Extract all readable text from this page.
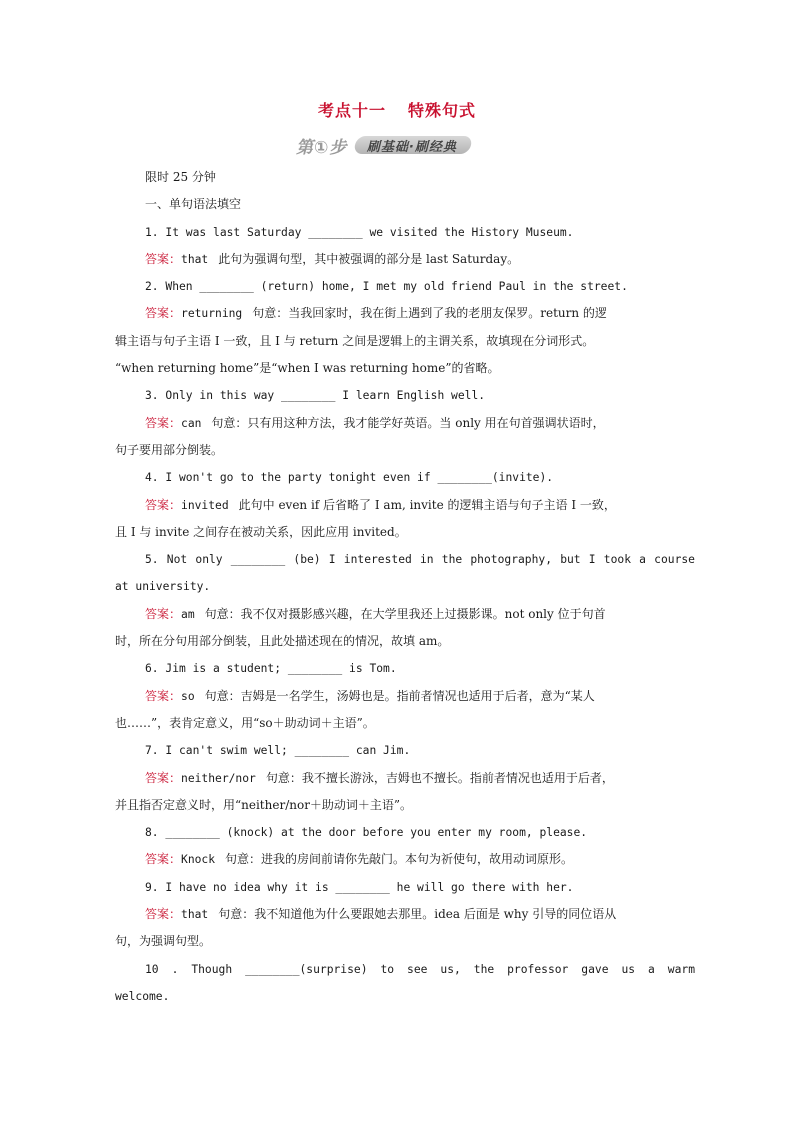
考点十一 特殊句式
第①步 刷基础·刷经典

限时 25 分钟

一、单句语法填空

1. It was last Saturday ________ we visited the History Museum.

答案：that 此句为强调句型，其中被强调的部分是 last Saturday。

2. When ________ (return) home, I met my old friend Paul in the street.

答案：returning 句意：当我回家时，我在街上遇到了我的老朋友保罗。return 的逻

辑主语与句子主语 I 一致，且 I 与 return 之间是逻辑上的主谓关系，故填现在分词形式。

“when returning home”是“when I was returning home”的省略。

3. Only in this way ________ I learn English well.

答案：can 句意：只有用这种方法，我才能学好英语。当 only 用在句首强调状语时，

句子要用部分倒装。

4. I won't go to the party tonight even if ________(invite).

答案：invited 此句中 even if 后省略了 I am, invite 的逻辑主语与句子主语 I 一致，

且 I 与 invite 之间存在被动关系，因此应用 invited。

5. Not only ________ (be) I interested in the photography, but I took a course

at university.

答案：am 句意：我不仅对摄影感兴趣，在大学里我还上过摄影课。not only 位于句首

时，所在分句用部分倒装，且此处描述现在的情况，故填 am。

6. Jim is a student; ________ is Tom.

答案：so 句意：吉姆是一名学生，汤姆也是。指前者情况也适用于后者，意为“某人

也……”，表肯定意义，用“so＋助动词＋主语”。

7. I can't swim well; ________ can Jim.

答案：neither/nor 句意：我不擅长游泳，吉姆也不擅长。指前者情况也适用于后者，

并且指否定意义时，用“neither/nor＋助动词＋主语”。

8. ________ (knock) at the door before you enter my room, please.

答案：Knock 句意：进我的房间前请你先敲门。本句为祈使句，故用动词原形。

9. I have no idea why it is ________ he will go there with her.

答案：that 句意：我不知道他为什么要跟她去那里。idea 后面是 why 引导的同位语从

句，为强调句型。

10 . Though ________(surprise) to see us, the professor gave us a warm

welcome.
